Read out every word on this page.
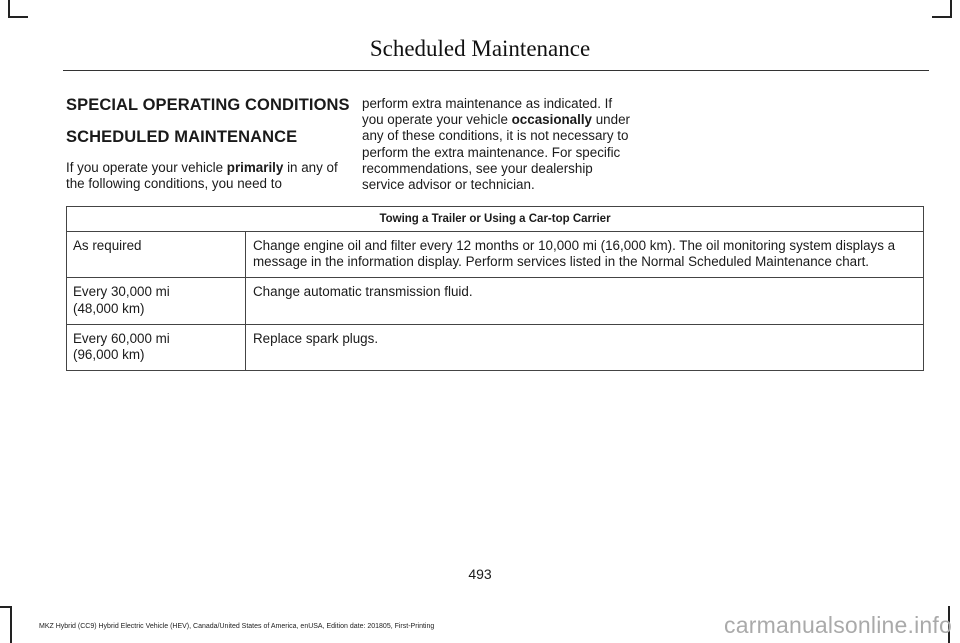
Scheduled Maintenance
SPECIAL OPERATING CONDITIONS
SCHEDULED MAINTENANCE

If you operate your vehicle primarily in any of the following conditions, you need to

perform extra maintenance as indicated. If you operate your vehicle occasionally under any of these conditions, it is not necessary to perform the extra maintenance. For specific recommendations, see your dealership service advisor or technician.

Towing a Trailer or Using a Car-top Carrier	
As required	Change engine oil and filter every 12 months or 10,000 mi (16,000 km). The oil monitoring system displays a message in the information display. Perform services listed in the Normal Scheduled Maintenance chart.
Every 30,000 mi
(48,000 km)	Change automatic transmission fluid.
Every 60,000 mi
(96,000 km)	Replace spark plugs.
493
MKZ Hybrid (CC9) Hybrid Electric Vehicle (HEV), Canada/United States of America, enUSA, Edition date: 201805, First-Printing	carmanualsonline.info
